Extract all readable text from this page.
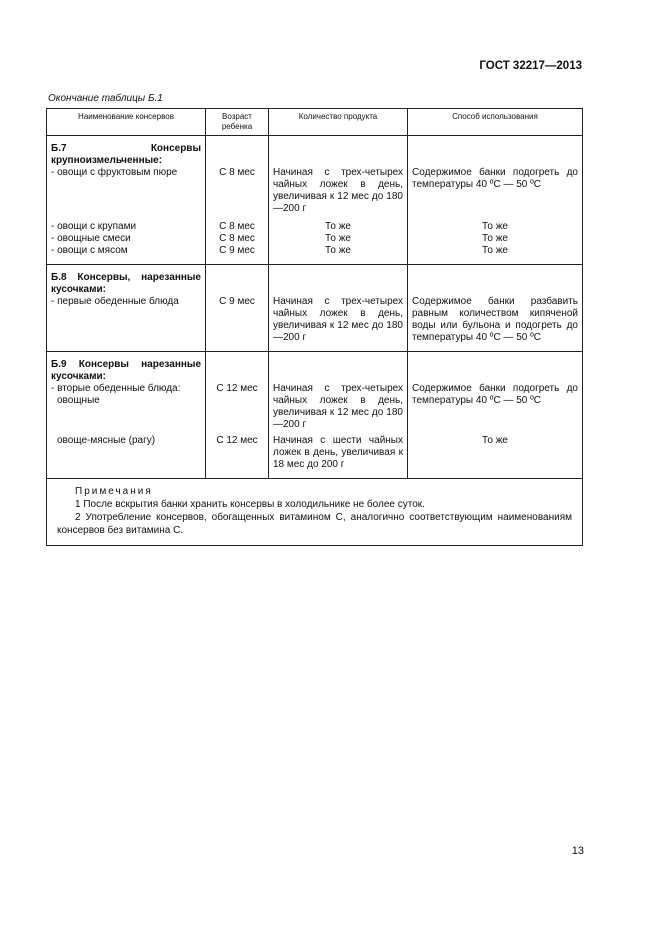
ГОСТ 32217—2013
Окончание таблицы Б.1
Наименование консервов	Возраст ребенка	Количество продукта	Способ использования
Б.7 Консервы крупноизмельченные:			
- овощи с фруктовым пюре	С 8 мес	Начиная с трех-четырех чайных ложек в день, увеличивая к 12 мес до 180—200 г	Содержимое банки подогреть до температуры 40 ºС — 50 ºС
- овощи с крупами	С 8 мес	То же	То же
- овощные смеси	С 8 мес	То же	То же
- овощи с мясом	С 9 мес	То же	То же
Б.8 Консервы, нарезанные кусочками:			
- первые обеденные блюда	С 9 мес	Начиная с трех-четырех чайных ложек в день, увеличивая к 12 мес до 180—200 г	Содержимое банки разбавить равным количеством кипяченой воды или бульона и подогреть до температуры 40 ºС — 50 ºС
Б.9 Консервы нарезанные кусочками:			
- вторые обеденные блюда:	С 12 мес	Начиная с трех-четырех чайных ложек в день, увеличивая к 12 мес до 180—200 г	Содержимое банки подогреть до температуры 40 ºС — 50 ºС
овощные			
овоще-мясные (рагу)	С 12 мес	Начиная с шести чайных ложек в день, увеличивая к 18 мес до 200 г	То же

Примечания
1 После вскрытия банки хранить консервы в холодильнике не более суток.
2 Употребление консервов, обогащенных витамином С, аналогично соответствующим наименованиям консервов без витамина С.			
13
